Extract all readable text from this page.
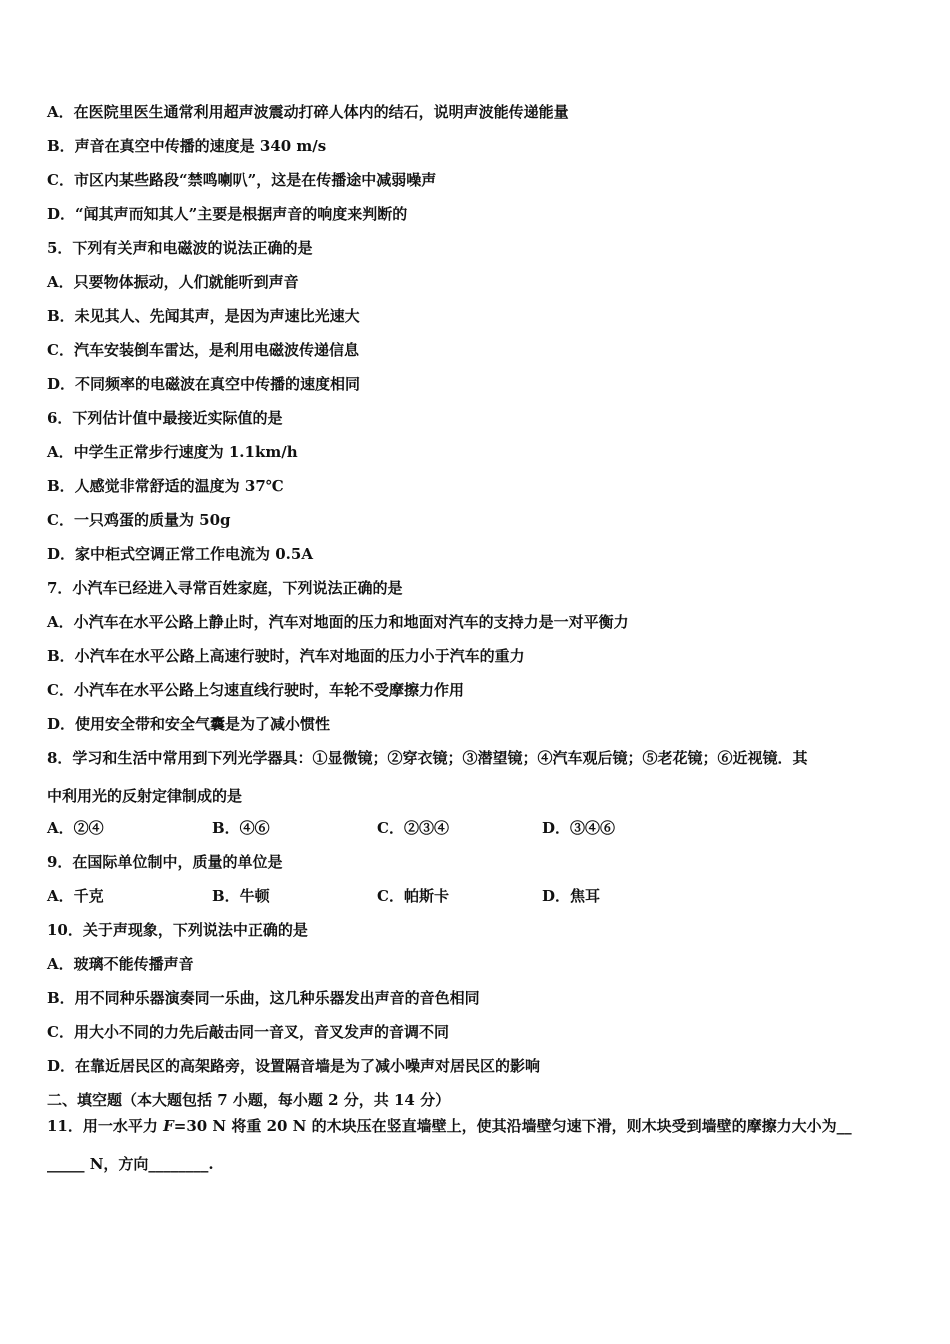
A．在医院里医生通常利用超声波震动打碎人体内的结石，说明声波能传递能量

B．声音在真空中传播的速度是 340 m/s

C．市区内某些路段“禁鸣喇叭”，这是在传播途中减弱噪声

D．“闻其声而知其人”主要是根据声音的响度来判断的

5．下列有关声和电磁波的说法正确的是

A．只要物体振动，人们就能听到声音

B．未见其人、先闻其声，是因为声速比光速大

C．汽车安装倒车雷达，是利用电磁波传递信息

D．不同频率的电磁波在真空中传播的速度相同

6．下列估计值中最接近实际值的是

A．中学生正常步行速度为 1.1km/h

B．人感觉非常舒适的温度为 37℃

C．一只鸡蛋的质量为 50g

D．家中柜式空调正常工作电流为 0.5A

7．小汽车已经进入寻常百姓家庭，下列说法正确的是

A．小汽车在水平公路上静止时，汽车对地面的压力和地面对汽车的支持力是一对平衡力

B．小汽车在水平公路上高速行驶时，汽车对地面的压力小于汽车的重力

C．小汽车在水平公路上匀速直线行驶时，车轮不受摩擦力作用

D．使用安全带和安全气囊是为了减小惯性

8．学习和生活中常用到下列光学器具：①显微镜；②穿衣镜；③潜望镜；④汽车观后镜；⑤老花镜；⑥近视镜．其

中利用光的反射定律制成的是

A．②④	B．④⑥	C．②③④	D．③④⑥

9．在国际单位制中，质量的单位是

A．千克	B．牛顿	C．帕斯卡	D．焦耳

10．关于声现象，下列说法中正确的是

A．玻璃不能传播声音

B．用不同种乐器演奏同一乐曲，这几种乐器发出声音的音色相同

C．用大小不同的力先后敲击同一音叉，音叉发声的音调不同

D．在靠近居民区的高架路旁，设置隔音墙是为了减小噪声对居民区的影响

二、填空题（本大题包括 7 小题，每小题 2 分，共 14 分）

11．用一水平力 F=30 N 将重 20 N 的木块压在竖直墙壁上，使其沿墙壁匀速下滑，则木块受到墙壁的摩擦力大小为__

_____ N，方向________.
